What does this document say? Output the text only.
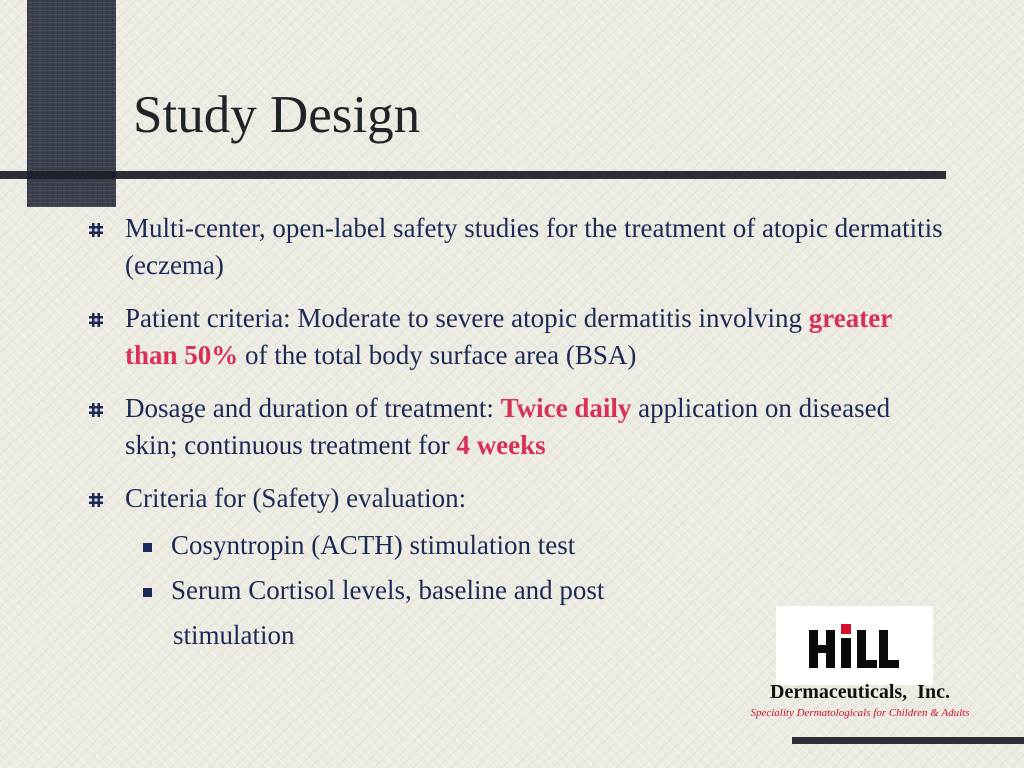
Study Design
Multi-center, open-label safety studies for the treatment of atopic dermatitis (eczema)
Patient criteria: Moderate to severe atopic dermatitis involving greater than 50% of the total body surface area (BSA)
Dosage and duration of treatment: Twice daily application on diseased skin; continuous treatment for 4 weeks
Criteria for (Safety) evaluation:
Cosyntropin (ACTH) stimulation test
Serum Cortisol levels, baseline and post
stimulation
Dermaceuticals,  Inc.
Speciality Dermatologicals for Children & Adults
